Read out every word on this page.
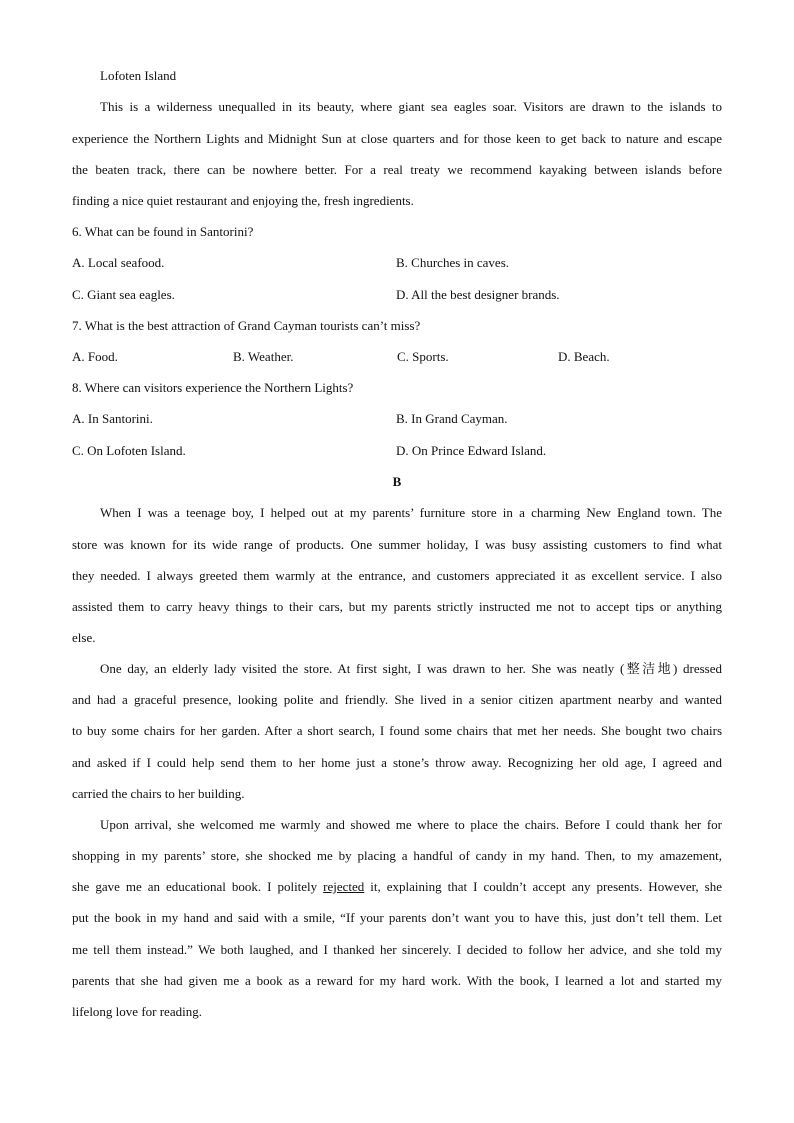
Lofoten Island
This is a wilderness unequalled in its beauty, where giant sea eagles soar. Visitors are drawn to the islands to
experience the Northern Lights and Midnight Sun at close quarters and for those keen to get back to nature and escape
the beaten track, there can be nowhere better. For a real treaty we recommend kayaking between islands before
finding a nice quiet restaurant and enjoying the, fresh ingredients.
6. What can be found in Santorini?
A. Local seafood.	B. Churches in caves.
C. Giant sea eagles.	D. All the best designer brands.
7. What is the best attraction of Grand Cayman tourists can’t miss?
A. Food.	B. Weather.	C. Sports.	D. Beach.
8. Where can visitors experience the Northern Lights?
A. In Santorini.	B. In Grand Cayman.
C. On Lofoten Island.	D. On Prince Edward Island.
B
When I was a teenage boy, I helped out at my parents’ furniture store in a charming New England town. The
store was known for its wide range of products. One summer holiday, I was busy assisting customers to find what
they needed. I always greeted them warmly at the entrance, and customers appreciated it as excellent service. I also
assisted them to carry heavy things to their cars, but my parents strictly instructed me not to accept tips or anything
else.
One day, an elderly lady visited the store. At first sight, I was drawn to her. She was neatly (整洁地) dressed
and had a graceful presence, looking polite and friendly. She lived in a senior citizen apartment nearby and wanted
to buy some chairs for her garden. After a short search, I found some chairs that met her needs. She bought two chairs
and asked if I could help send them to her home just a stone’s throw away. Recognizing her old age, I agreed and
carried the chairs to her building.
Upon arrival, she welcomed me warmly and showed me where to place the chairs. Before I could thank her for
shopping in my parents’ store, she shocked me by placing a handful of candy in my hand. Then, to my amazement,
she gave me an educational book. I politely rejected it, explaining that I couldn’t accept any presents. However, she
put the book in my hand and said with a smile, “If your parents don’t want you to have this, just don’t tell them. Let
me tell them instead.” We both laughed, and I thanked her sincerely. I decided to follow her advice, and she told my
parents that she had given me a book as a reward for my hard work. With the book, I learned a lot and started my
lifelong love for reading.
